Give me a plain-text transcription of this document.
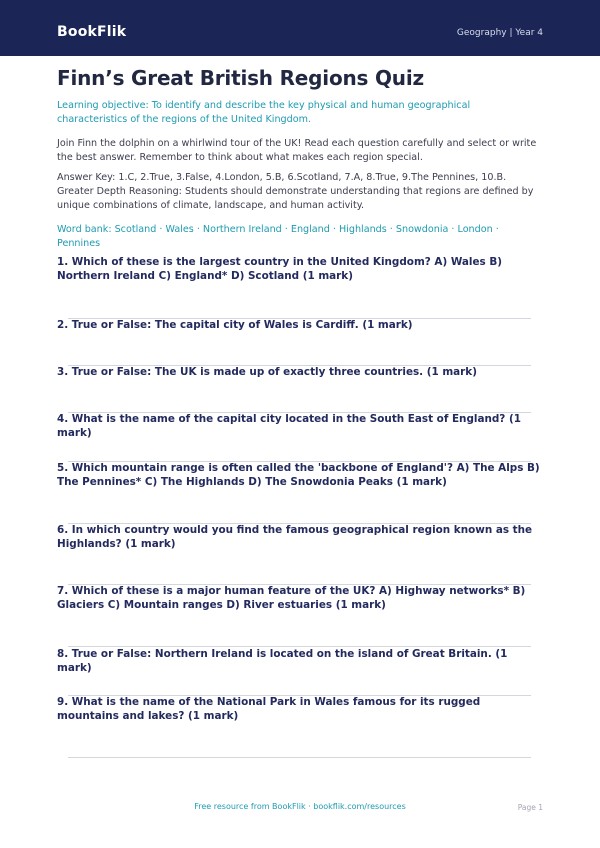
BookFlik	Geography | Year 4
Finn’s Great British Regions Quiz
Learning objective: To identify and describe the key physical and human geographical characteristics of the regions of the United Kingdom.
Join Finn the dolphin on a whirlwind tour of the UK! Read each question carefully and select or write the best answer. Remember to think about what makes each region special.
Answer Key: 1.C, 2.True, 3.False, 4.London, 5.B, 6.Scotland, 7.A, 8.True, 9.The Pennines, 10.B. Greater Depth Reasoning: Students should demonstrate understanding that regions are defined by unique combinations of climate, landscape, and human activity.
Word bank: Scotland · Wales · Northern Ireland · England · Highlands · Snowdonia · London · Pennines
1. Which of these is the largest country in the United Kingdom? A) Wales B) Northern Ireland C) England* D) Scotland (1 mark)
2. True or False: The capital city of Wales is Cardiff. (1 mark)
3. True or False: The UK is made up of exactly three countries. (1 mark)
4. What is the name of the capital city located in the South East of England? (1 mark)
5. Which mountain range is often called the 'backbone of England'? A) The Alps B) The Pennines* C) The Highlands D) The Snowdonia Peaks (1 mark)
6. In which country would you find the famous geographical region known as the Highlands? (1 mark)
7. Which of these is a major human feature of the UK? A) Highway networks* B) Glaciers C) Mountain ranges D) River estuaries (1 mark)
8. True or False: Northern Ireland is located on the island of Great Britain. (1 mark)
9. What is the name of the National Park in Wales famous for its rugged mountains and lakes? (1 mark)
Free resource from BookFlik · bookflik.com/resources	Page 1
